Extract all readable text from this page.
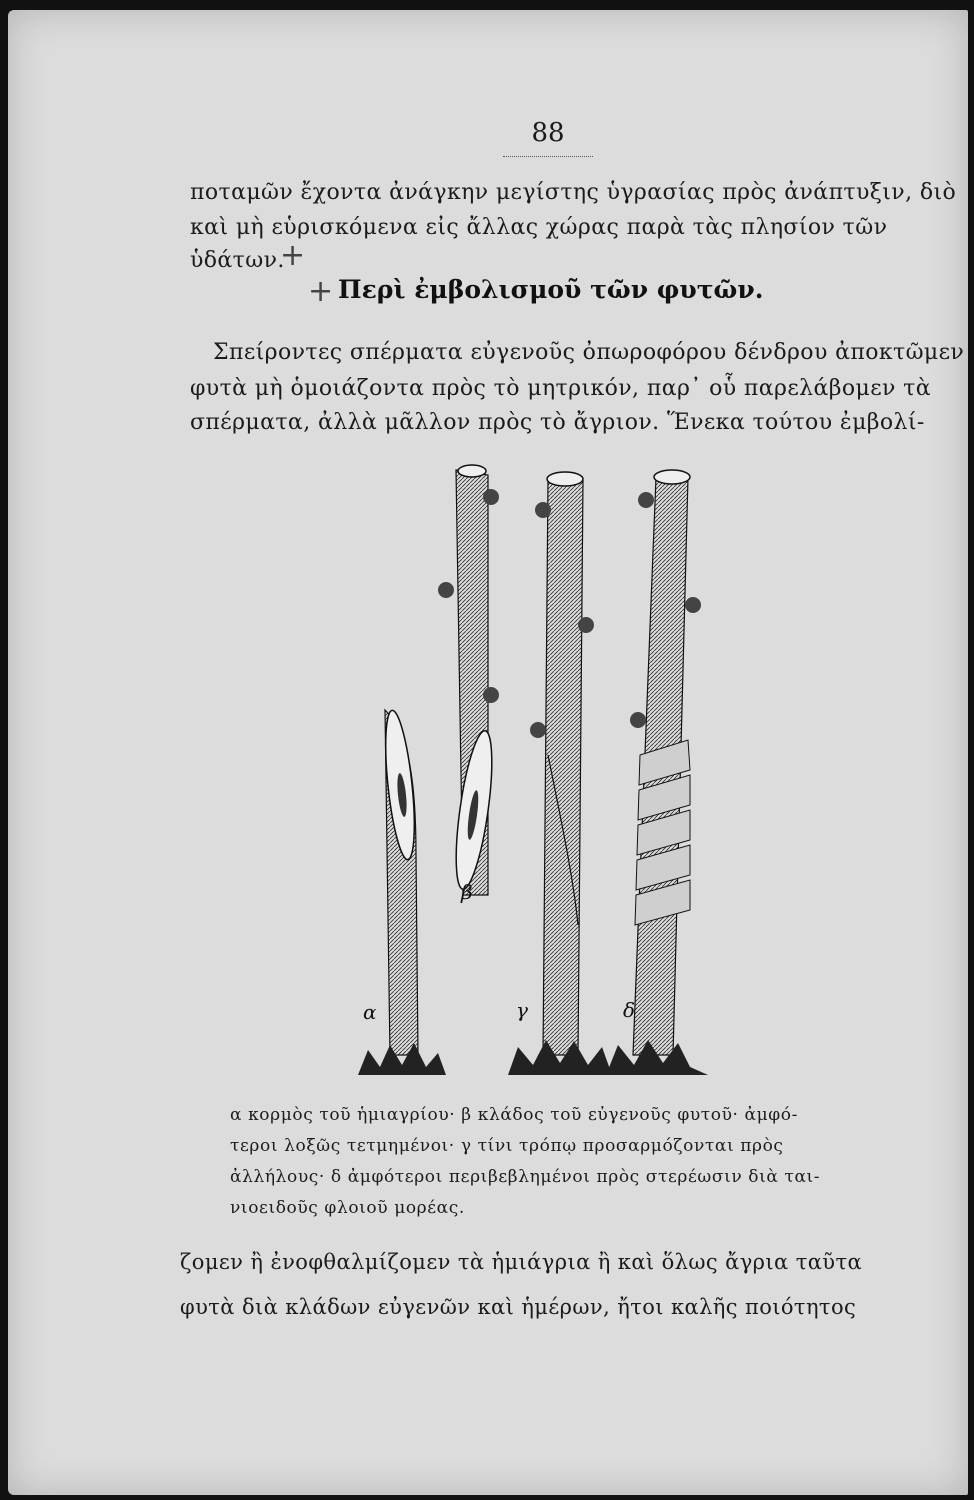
88
ποταμῶν ἔχοντα ἀνάγκην μεγίστης ὑγρασίας πρὸς ἀνάπτυξιν, διὸ
καὶ μὴ εὑρισκόμενα εἰς ἄλλας χώρας παρὰ τὰς πλησίον τῶν
ὑδάτων.
+
+ Περὶ ἐμβολισμοῦ τῶν φυτῶν.
Σπείροντες σπέρματα εὐγενοῦς ὀπωροφόρου δένδρου ἀποκτῶμεν
φυτὰ μὴ ὁμοιάζοντα πρὸς τὸ μητρικόν, παρ᾽ οὗ παρελάβομεν τὰ
σπέρματα, ἀλλὰ μᾶλλον πρὸς τὸ ἄγριον. Ἕνεκα τούτου ἐμβολί-
α
β
γ	δ
α κορμὸς τοῦ ἡμιαγρίου· β κλάδος τοῦ εὐγενοῦς φυτοῦ· ἀμφό-
τεροι λοξῶς τετμημένοι· γ τίνι τρόπῳ προσαρμόζονται πρὸς
ἀλλήλους· δ ἀμφότεροι περιβεβλημένοι πρὸς στερέωσιν διὰ ται-
νιοειδοῦς φλοιοῦ μορέας.
ζομεν ἢ ἐνοφθαλμίζομεν τὰ ἡμιάγρια ἢ καὶ ὅλως ἄγρια ταῦτα
φυτὰ διὰ κλάδων εὐγενῶν καὶ ἡμέρων, ἤτοι καλῆς ποιότητος
